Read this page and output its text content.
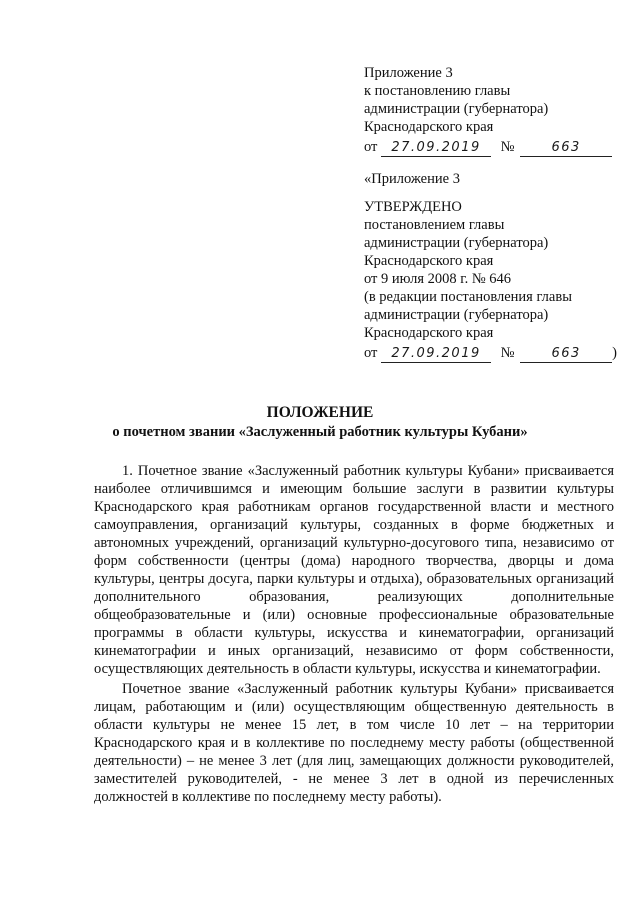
Приложение 3
к постановлению главы
администрации (губернатора)
Краснодарского края
от 27.09.2019 №	663
«Приложение 3
УТВЕРЖДЕНО
постановлением главы
администрации (губернатора)
Краснодарского края
от 9 июля 2008 г. № 646
(в редакции постановления главы
администрации (губернатора)
Краснодарского края
от 27.09.2019 №	663 )
ПОЛОЖЕНИЕ
о почетном звании «Заслуженный работник культуры Кубани»

1. Почетное звание «Заслуженный работник культуры Кубани» присваивается наиболее отличившимся и имеющим большие заслуги в развитии культуры Краснодарского края работникам органов государственной власти и местного самоуправления, организаций культуры, созданных в форме бюджетных и автономных учреждений, организаций культурно-досугового типа, независимо от форм собственности (центры (дома) народного творчества, дворцы и дома культуры, центры досуга, парки культуры и отдыха), образовательных организаций дополнительного образования, реализующих дополнительные общеобразовательные и (или) основные профессиональные образовательные программы в области культуры, искусства и кинематографии, организаций кинематографии и иных организаций, независимо от форм собственности, осуществляющих деятельность в области культуры, искусства и кинематографии.

Почетное звание «Заслуженный работник культуры Кубани» присваивается лицам, работающим и (или) осуществляющим общественную деятельность в области культуры не менее 15 лет, в том числе 10 лет – на территории Краснодарского края и в коллективе по последнему месту работы (общественной деятельности) – не менее 3 лет (для лиц, замещающих должности руководителей, заместителей руководителей, - не менее 3 лет в одной из перечисленных должностей в коллективе по последнему месту работы).
